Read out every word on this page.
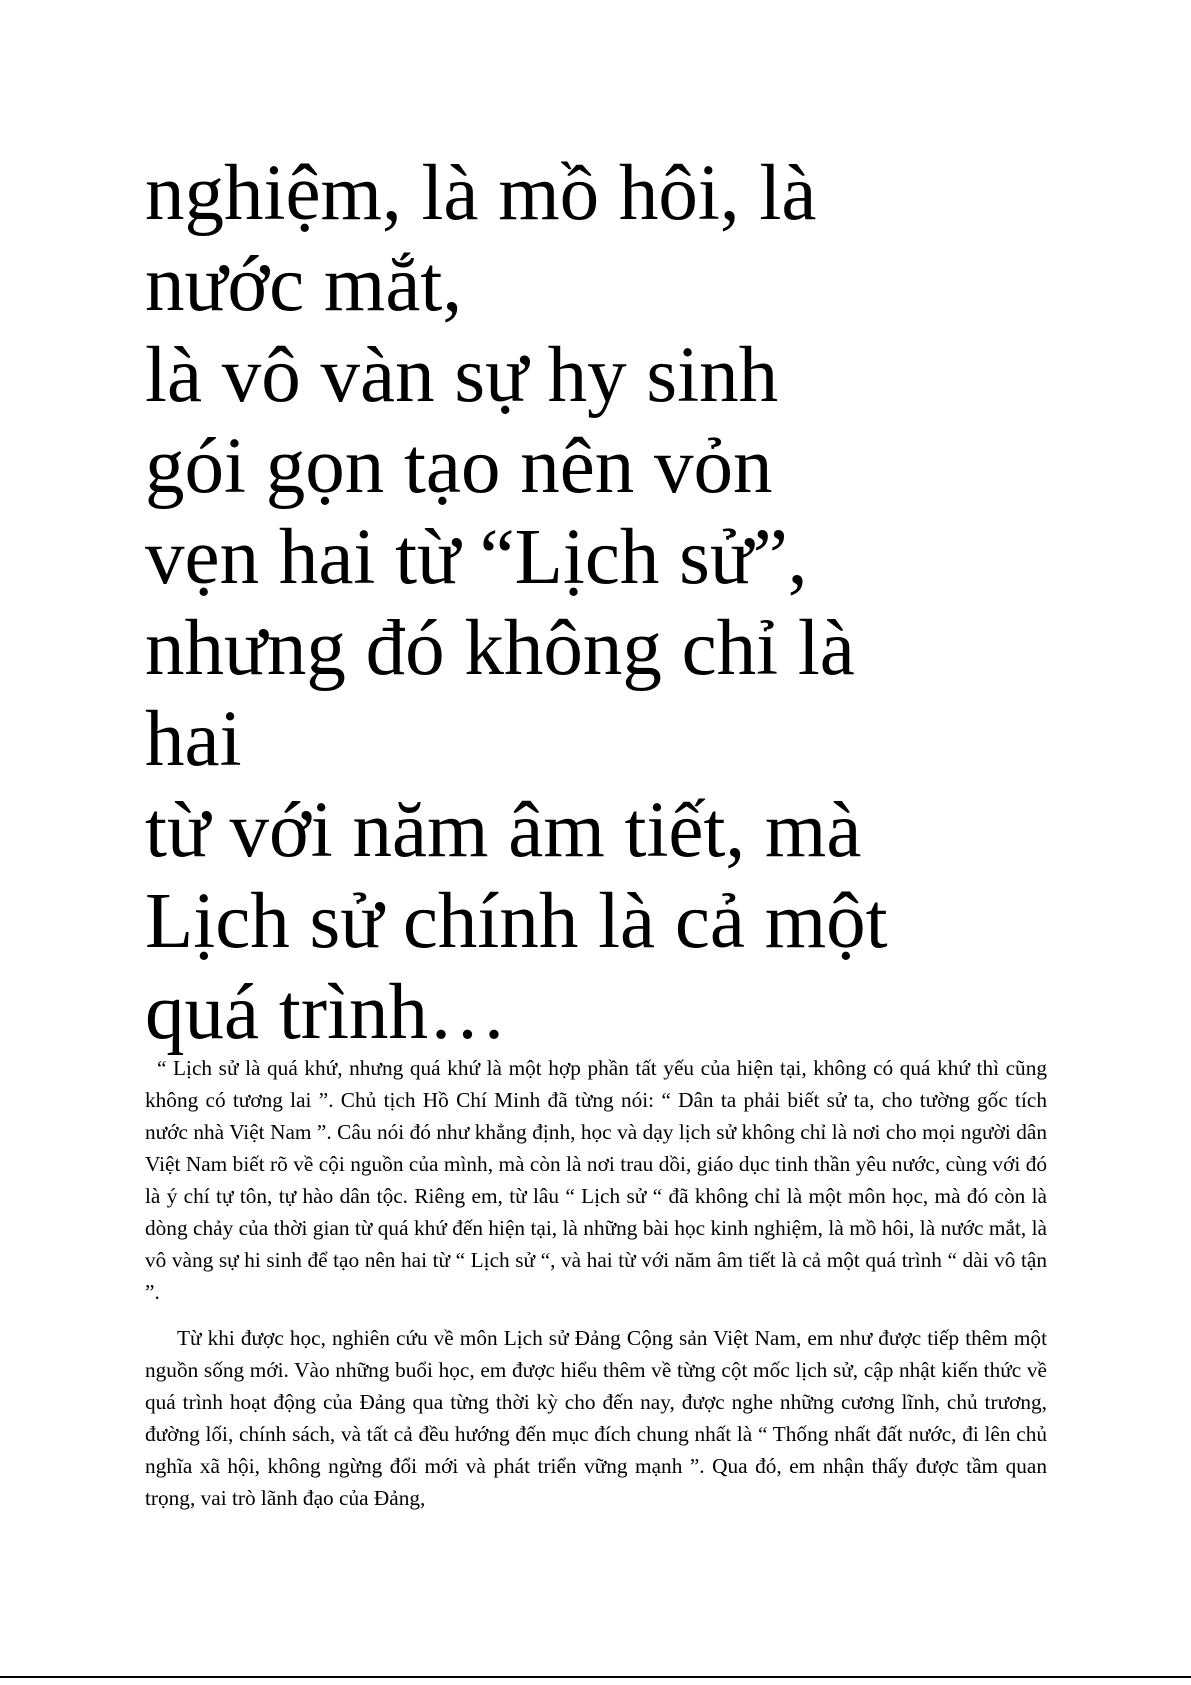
nghiệm, là mồ hôi, là
nước mắt,
là vô vàn sự hy sinh
gói gọn tạo nên vỏn
vẹn hai từ “Lịch sử”,
nhưng đó không chỉ là
hai
từ với năm âm tiết, mà
Lịch sử chính là cả một
quá trình…

“ Lịch sử là quá khứ, nhưng quá khứ là một hợp phần tất yếu của hiện tại, không có quá khứ thì cũng không có tương lai ”. Chủ tịch Hồ Chí Minh đã từng nói: “ Dân ta phải biết sử ta, cho tường gốc tích nước nhà Việt Nam ”. Câu nói đó như khẳng định, học và dạy lịch sử không chỉ là nơi cho mọi người dân Việt Nam biết rõ về cội nguồn của mình, mà còn là nơi trau dồi, giáo dục tinh thần yêu nước, cùng với đó là ý chí tự tôn, tự hào dân tộc. Riêng em, từ lâu “ Lịch sử “ đã không chỉ là một môn học, mà đó còn là dòng chảy của thời gian từ quá khứ đến hiện tại, là những bài học kinh nghiệm, là mồ hôi, là nước mắt, là vô vàng sự hi sinh để tạo nên hai từ “ Lịch sử “, và hai từ với năm âm tiết là cả một quá trình “ dài vô tận ”.

Từ khi được học, nghiên cứu về môn Lịch sử Đảng Cộng sản Việt Nam, em như được tiếp thêm một nguồn sống mới. Vào những buổi học, em được hiểu thêm về từng cột mốc lịch sử, cập nhật kiến thức về quá trình hoạt động của Đảng qua từng thời kỳ cho đến nay, được nghe những cương lĩnh, chủ trương, đường lối, chính sách, và tất cả đều hướng đến mục đích chung nhất là “ Thống nhất đất nước, đi lên chủ nghĩa xã hội, không ngừng đổi mới và phát triển vững mạnh ”. Qua đó, em nhận thấy được tầm quan trọng, vai trò lãnh đạo của Đảng,
